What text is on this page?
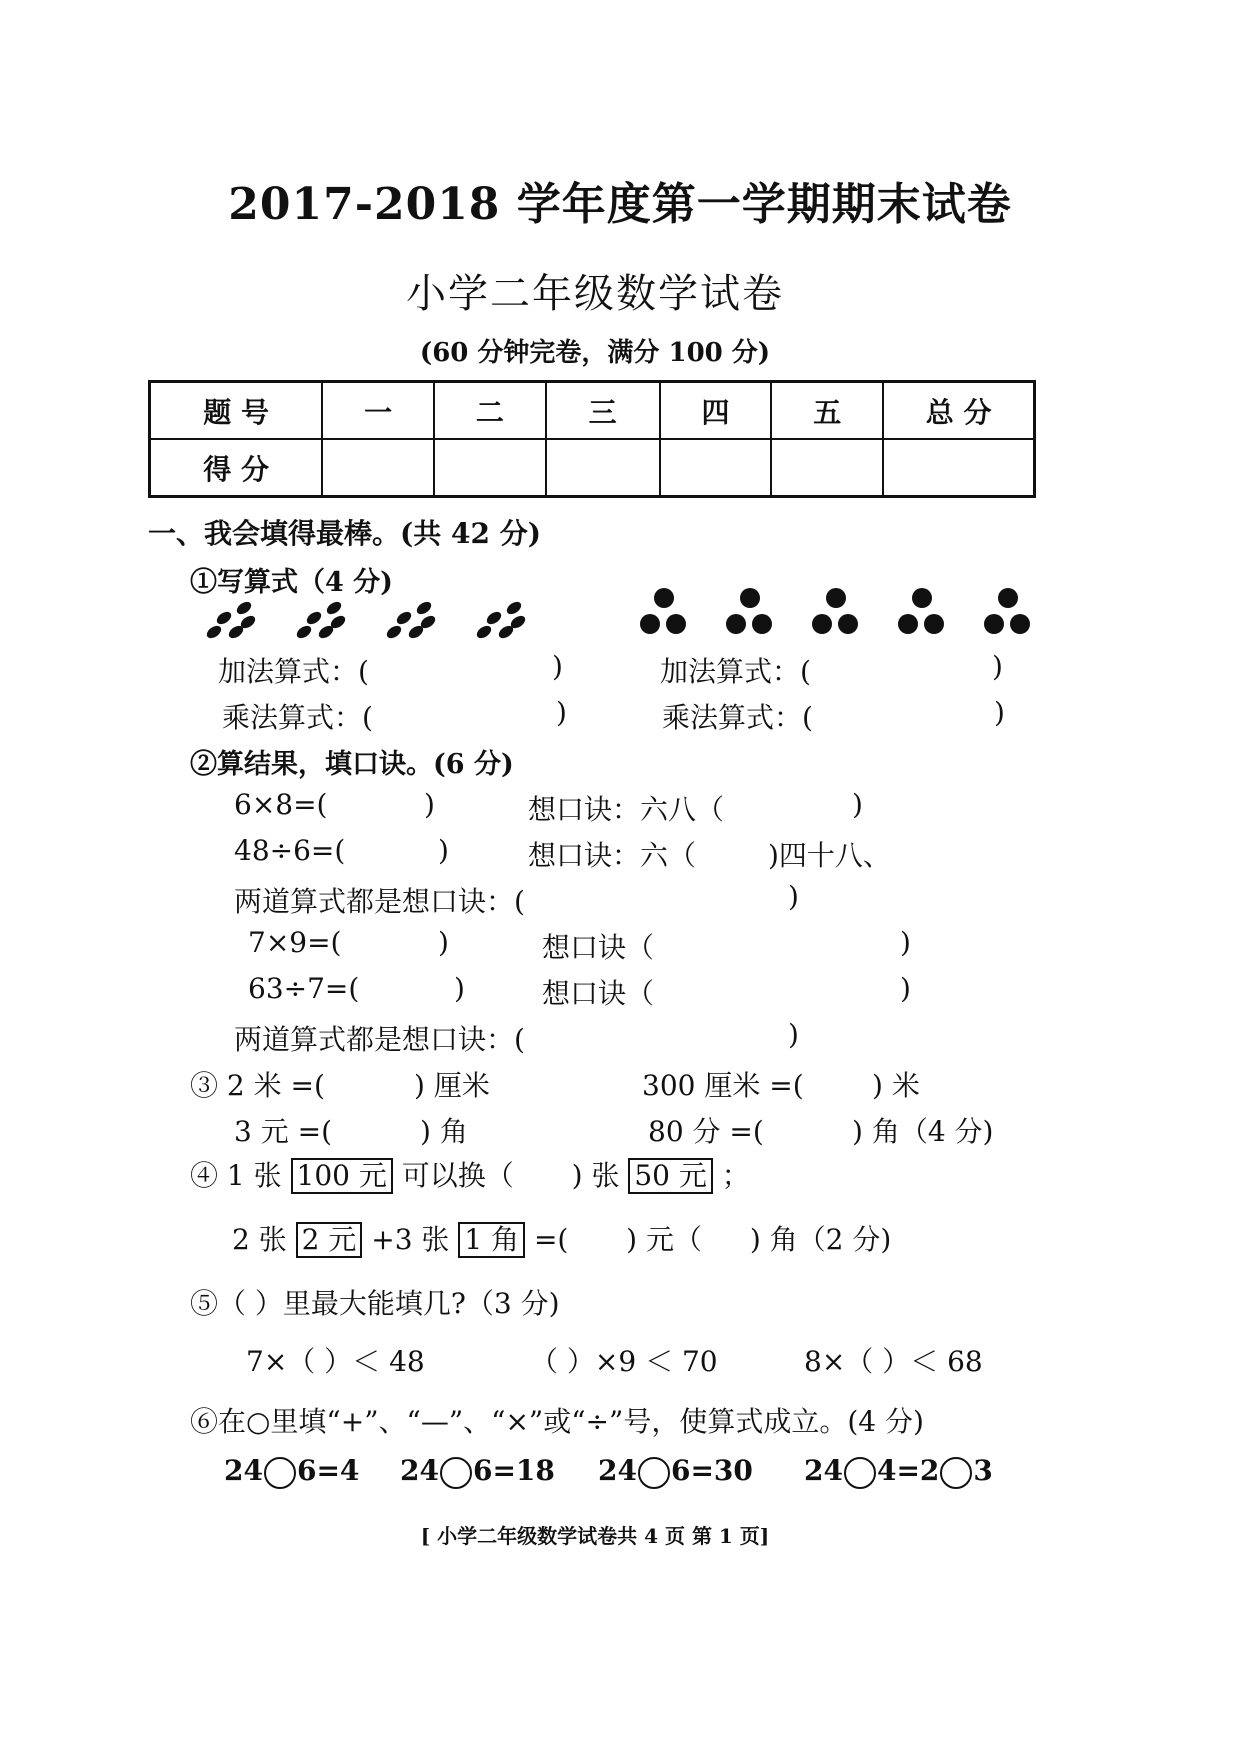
2017-2018 学年度第一学期期末试卷
小学二年级数学试卷
(60 分钟完卷，满分 100 分)
题 号	一	二	三	四	五	总 分
得 分						
一、我会填得最棒。(共 42 分)
①写算式（4 分)
加法算式：(	)	加法算式：(	)
乘法算式：(	)	乘法算式：(	)
②算结果，填口诀。(6 分)
6×8=(	)	想口诀：六八（	)
48÷6=(	)	想口诀：六（	)四十八、
两道算式都是想口诀：(	)
7×9=(	)	想口诀（	)
63÷7=(	)	想口诀（	)
两道算式都是想口诀：(	)
③ 2 米 =(	) 厘米	300 厘米 =( ) 米
3 元 =(	) 角	80 分 =(	) 角（4 分)
④ 1 张 100 元 可以换（ ) 张 50 元 ；
2 张 2 元 +3 张 1 角 =( ) 元（ ) 角（2 分)
⑤（ ）里最大能填几?（3 分)
7×（ ）＜ 48	（ ）×9 ＜ 70	8×（ ）＜ 68
⑥在○里填“+”、“—”、“×”或“÷”号，使算式成立。(4 分)
24 6=4 24 6=18 24 6=30 24 4=2 3
[ 小学二年级数学试卷共 4 页 第 1 页]
